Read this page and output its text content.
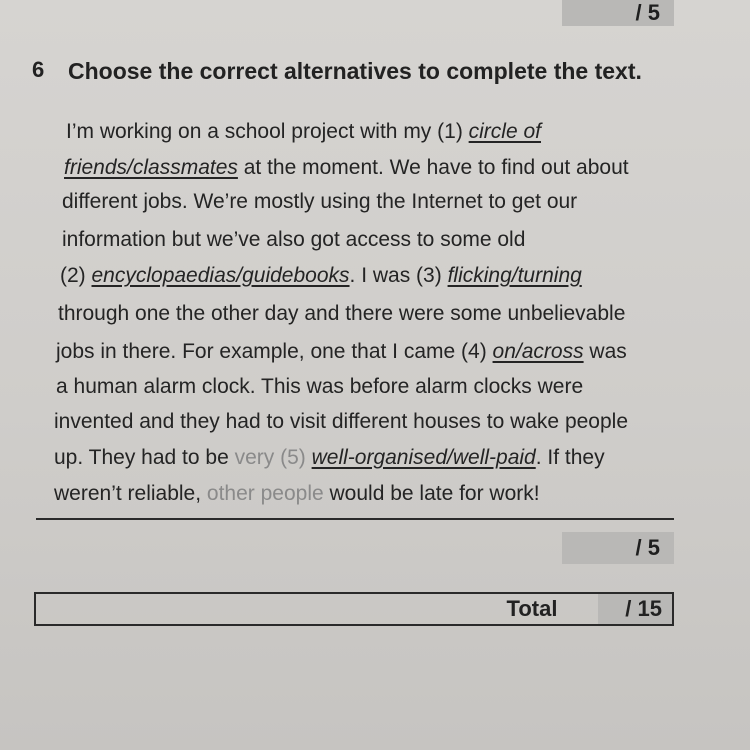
/ 5
6 Choose the correct alternatives to complete the text.
I’m working on a school project with my (1) circle of
friends/classmates at the moment. We have to find out about
different jobs. We’re mostly using the Internet to get our
information but we’ve also got access to some old
(2) encyclopaedias/guidebooks. I was (3) flicking/turning
through one the other day and there were some unbelievable
jobs in there. For example, one that I came (4) on/across was
a human alarm clock. This was before alarm clocks were
invented and they had to visit different houses to wake people
up. They had to be very (5) well-organised/well-paid. If they
weren’t reliable, other people would be late for work!
/ 5
Total	/ 15
